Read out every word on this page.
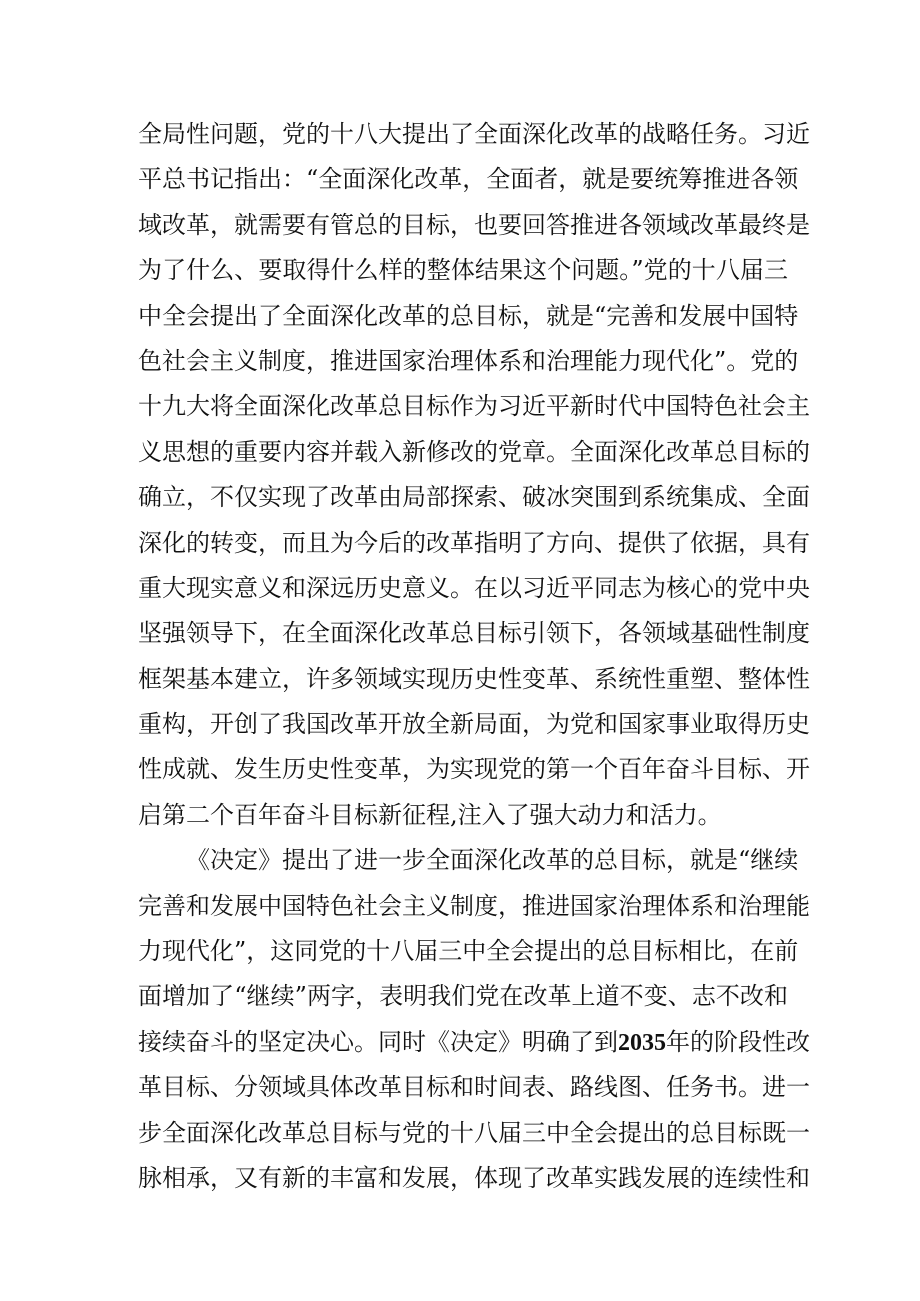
全局性问题，党的十八大提出了全面深化改革的战略任务。习近
平总书记指出：“全面深化改革，全面者，就是要统筹推进各领
域改革，就需要有管总的目标，也要回答推进各领域改革最终是
为了什么、要取得什么样的整体结果这个问题。”党的十八届三
中全会提出了全面深化改革的总目标，就是“完善和发展中国特
色社会主义制度，推进国家治理体系和治理能力现代化”。党的
十九大将全面深化改革总目标作为习近平新时代中国特色社会主
义思想的重要内容并载入新修改的党章。全面深化改革总目标的
确立，不仅实现了改革由局部探索、破冰突围到系统集成、全面
深化的转变，而且为今后的改革指明了方向、提供了依据，具有
重大现实意义和深远历史意义。在以习近平同志为核心的党中央
坚强领导下，在全面深化改革总目标引领下，各领域基础性制度
框架基本建立，许多领域实现历史性变革、系统性重塑、整体性
重构，开创了我国改革开放全新局面，为党和国家事业取得历史
性成就、发生历史性变革，为实现党的第一个百年奋斗目标、开
启第二个百年奋斗目标新征程,注入了强大动力和活力。
《决定》提出了进一步全面深化改革的总目标，就是“继续
完善和发展中国特色社会主义制度，推进国家治理体系和治理能
力现代化”，这同党的十八届三中全会提出的总目标相比，在前
面增加了“继续”两字，表明我们党在改革上道不变、志不改和
接续奋斗的坚定决心。同时《决定》明确了到2035年的阶段性改
革目标、分领域具体改革目标和时间表、路线图、任务书。进一
步全面深化改革总目标与党的十八届三中全会提出的总目标既一
脉相承，又有新的丰富和发展，体现了改革实践发展的连续性和
